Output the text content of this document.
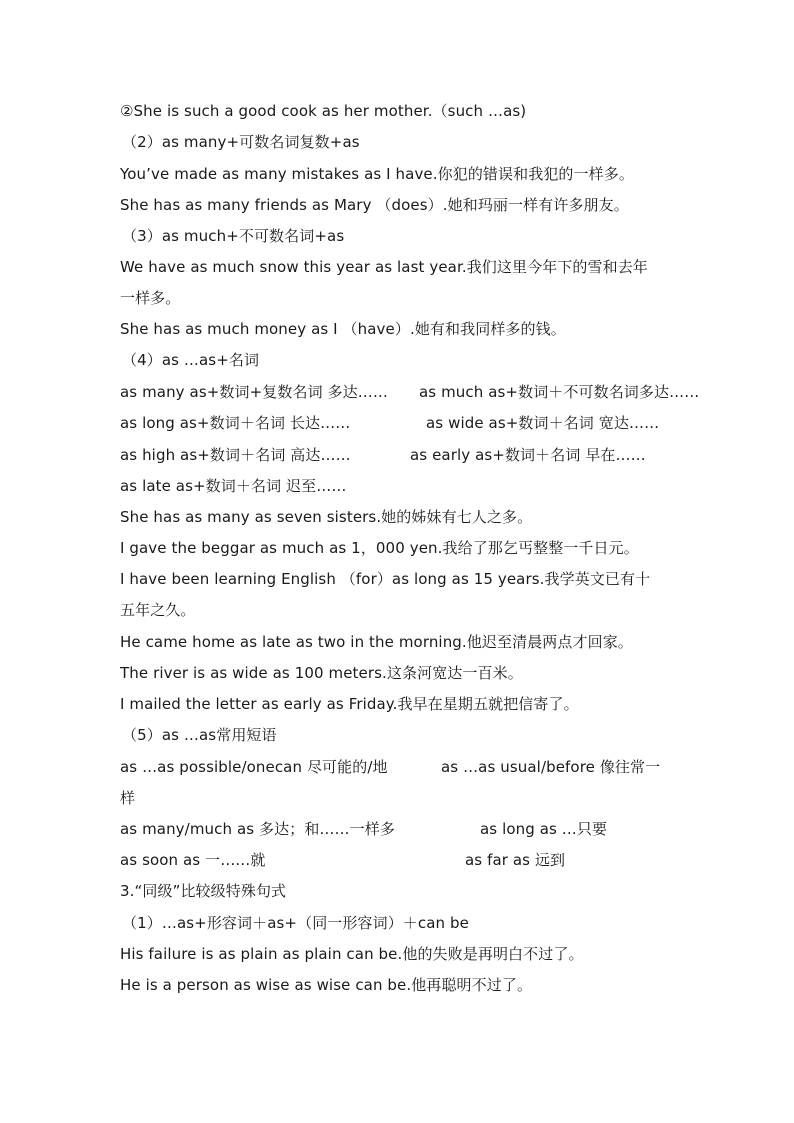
②She is such a good cook as her mother.（such …as)
（2）as many+可数名词复数+as
You’ve made as many mistakes as I have.你犯的错误和我犯的一样多。
She has as many friends as Mary （does）.她和玛丽一样有许多朋友。
（3）as much+不可数名词+as
We have as much snow this year as last year.我们这里今年下的雪和去年
一样多。
She has as much money as I （have）.她有和我同样多的钱。
（4）as …as+名词
as many as+数词+复数名词 多达…… as much as+数词＋不可数名词多达……
as long as+数词＋名词 长达……	as wide as+数词＋名词 宽达……
as high as+数词＋名词 高达……	as early as+数词＋名词 早在……
as late as+数词＋名词 迟至……
She has as many as seven sisters.她的姊妹有七人之多。
I gave the beggar as much as 1，000 yen.我给了那乞丐整整一千日元。
I have been learning English （for）as long as 15 years.我学英文已有十
五年之久。
He came home as late as two in the morning.他迟至清晨两点才回家。
The river is as wide as 100 meters.这条河宽达一百米。
I mailed the letter as early as Friday.我早在星期五就把信寄了。
（5）as …as常用短语
as …as possible/onecan 尽可能的/地	as …as usual/before 像往常一
样
as many/much as 多达；和……一样多	as long as …只要
as soon as 一……就	as far as 远到
3.“同级”比较级特殊句式
（1）…as+形容词＋as+（同一形容词）＋can be
His failure is as plain as plain can be.他的失败是再明白不过了。
He is a person as wise as wise can be.他再聪明不过了。
